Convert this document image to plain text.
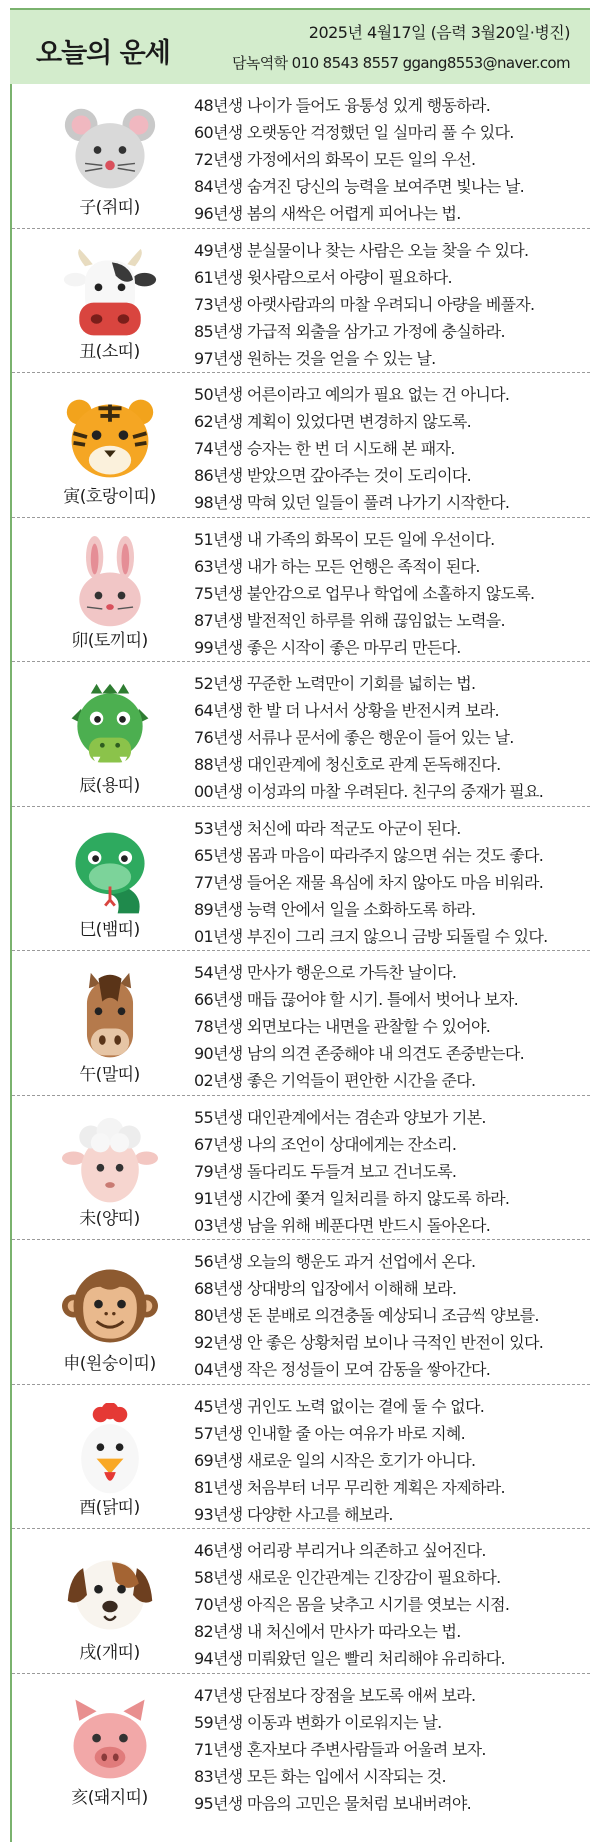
오늘의 운세
2025년 4월17일 (음력 3월20일·병진)
담녹역학 010 8543 8557 ggang8553@naver.com
子(쥐띠)
48년생 나이가 들어도 융통성 있게 행동하라.
60년생 오랫동안 걱정했던 일 실마리 풀 수 있다.
72년생 가정에서의 화목이 모든 일의 우선.
84년생 숨겨진 당신의 능력을 보여주면 빛나는 날.
96년생 봄의 새싹은 어렵게 피어나는 법.
丑(소띠)
49년생 분실물이나 찾는 사람은 오늘 찾을 수 있다.
61년생 윗사람으로서 아량이 필요하다.
73년생 아랫사람과의 마찰 우려되니 아량을 베풀자.
85년생 가급적 외출을 삼가고 가정에 충실하라.
97년생 원하는 것을 얻을 수 있는 날.
寅(호랑이띠)
50년생 어른이라고 예의가 필요 없는 건 아니다.
62년생 계획이 있었다면 변경하지 않도록.
74년생 승자는 한 번 더 시도해 본 패자.
86년생 받았으면 갚아주는 것이 도리이다.
98년생 막혀 있던 일들이 풀려 나가기 시작한다.
卯(토끼띠)
51년생 내 가족의 화목이 모든 일에 우선이다.
63년생 내가 하는 모든 언행은 족적이 된다.
75년생 불안감으로 업무나 학업에 소홀하지 않도록.
87년생 발전적인 하루를 위해 끊임없는 노력을.
99년생 좋은 시작이 좋은 마무리 만든다.
辰(용띠)
52년생 꾸준한 노력만이 기회를 넓히는 법.
64년생 한 발 더 나서서 상황을 반전시켜 보라.
76년생 서류나 문서에 좋은 행운이 들어 있는 날.
88년생 대인관계에 청신호로 관계 돈독해진다.
00년생 이성과의 마찰 우려된다. 친구의 중재가 필요.
巳(뱀띠)
53년생 처신에 따라 적군도 아군이 된다.
65년생 몸과 마음이 따라주지 않으면 쉬는 것도 좋다.
77년생 들어온 재물 욕심에 차지 않아도 마음 비워라.
89년생 능력 안에서 일을 소화하도록 하라.
01년생 부진이 그리 크지 않으니 금방 되돌릴 수 있다.
午(말띠)
54년생 만사가 행운으로 가득찬 날이다.
66년생 매듭 끊어야 할 시기. 틀에서 벗어나 보자.
78년생 외면보다는 내면을 관찰할 수 있어야.
90년생 남의 의견 존중해야 내 의견도 존중받는다.
02년생 좋은 기억들이 편안한 시간을 준다.
未(양띠)
55년생 대인관계에서는 겸손과 양보가 기본.
67년생 나의 조언이 상대에게는 잔소리.
79년생 돌다리도 두들겨 보고 건너도록.
91년생 시간에 쫓겨 일처리를 하지 않도록 하라.
03년생 남을 위해 베푼다면 반드시 돌아온다.
申(원숭이띠)
56년생 오늘의 행운도 과거 선업에서 온다.
68년생 상대방의 입장에서 이해해 보라.
80년생 돈 분배로 의견충돌 예상되니 조금씩 양보를.
92년생 안 좋은 상황처럼 보이나 극적인 반전이 있다.
04년생 작은 정성들이 모여 감동을 쌓아간다.
酉(닭띠)
45년생 귀인도 노력 없이는 곁에 둘 수 없다.
57년생 인내할 줄 아는 여유가 바로 지혜.
69년생 새로운 일의 시작은 호기가 아니다.
81년생 처음부터 너무 무리한 계획은 자제하라.
93년생 다양한 사고를 해보라.
戌(개띠)
46년생 어리광 부리거나 의존하고 싶어진다.
58년생 새로운 인간관계는 긴장감이 필요하다.
70년생 아직은 몸을 낮추고 시기를 엿보는 시점.
82년생 내 처신에서 만사가 따라오는 법.
94년생 미뤄왔던 일은 빨리 처리해야 유리하다.
亥(돼지띠)
47년생 단점보다 장점을 보도록 애써 보라.
59년생 이동과 변화가 이로워지는 날.
71년생 혼자보다 주변사람들과 어울려 보자.
83년생 모든 화는 입에서 시작되는 것.
95년생 마음의 고민은 물처럼 보내버려야.
